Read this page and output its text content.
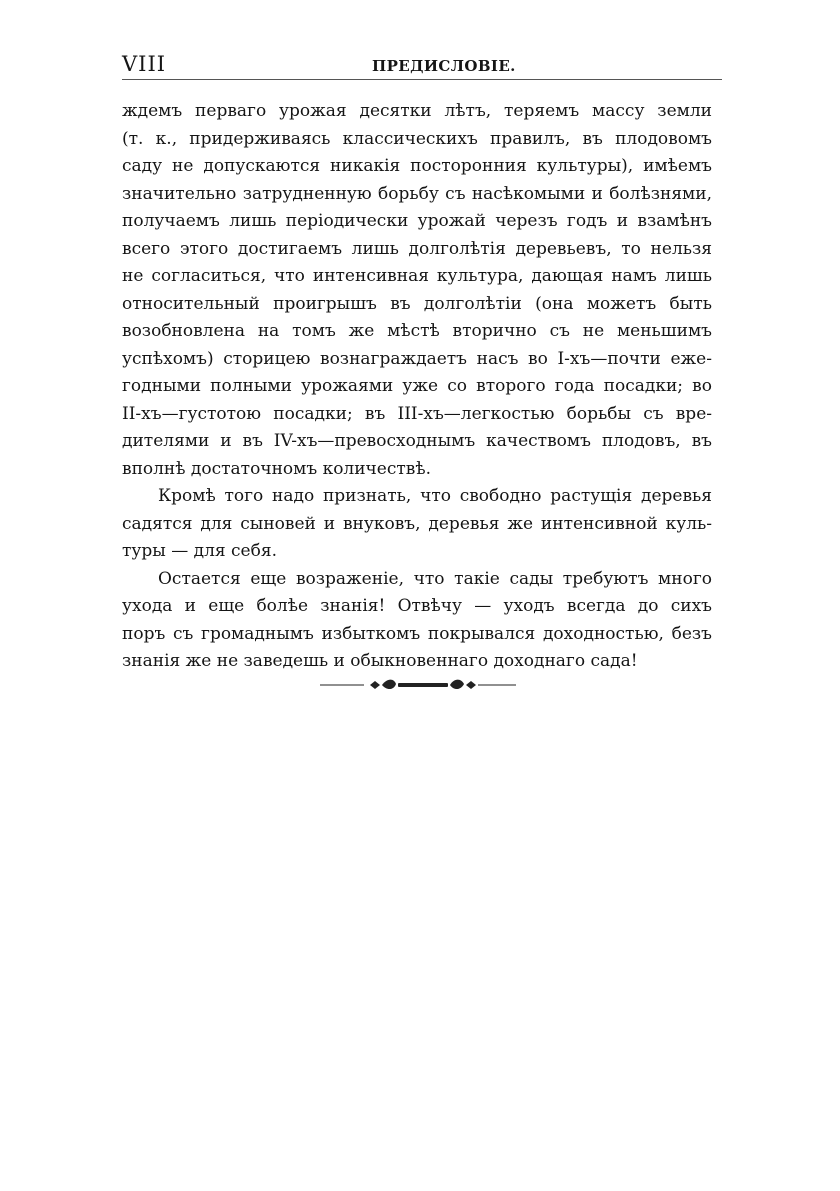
VIII	ПРЕДИСЛОВІЕ.
ждемъ перваго урожая десятки лѣтъ, теряемъ массу земли
(т. к., придерживаясь классическихъ правилъ, въ плодовомъ
саду не допускаются никакія посторонния культуры), имѣемъ
значительно затрудненную борьбу съ насѣкомыми и болѣзнями,
получаемъ лишь періодически урожай черезъ годъ и взамѣнъ
всего этого достигаемъ лишь долголѣтія деревьевъ, то нельзя
не согласиться, что интенсивная культура, дающая намъ лишь
относительный проигрышъ въ долголѣтіи (она можетъ быть
возобновлена на томъ же мѣстѣ вторично съ не меньшимъ
успѣхомъ) сторицею вознаграждаетъ насъ во I-хъ—почти еже-
годными полными урожаями уже со второго года посадки; во
II-хъ—густотою посадки; въ III-хъ—легкостью борьбы съ вре-
дителями и въ IV-хъ—превосходнымъ качествомъ плодовъ, въ
вполнѣ достаточномъ количествѣ.
Кромѣ того надо признать, что свободно растущія деревья
садятся для сыновей и внуковъ, деревья же интенсивной куль-
туры — для себя.
Остается еще возраженіе, что такіе сады требуютъ много
ухода и еще болѣе знанія! Отвѣчу — уходъ всегда до сихъ
поръ съ громаднымъ избыткомъ покрывался доходностью, безъ
знанія же не заведешь и обыкновеннаго доходнаго сада!
